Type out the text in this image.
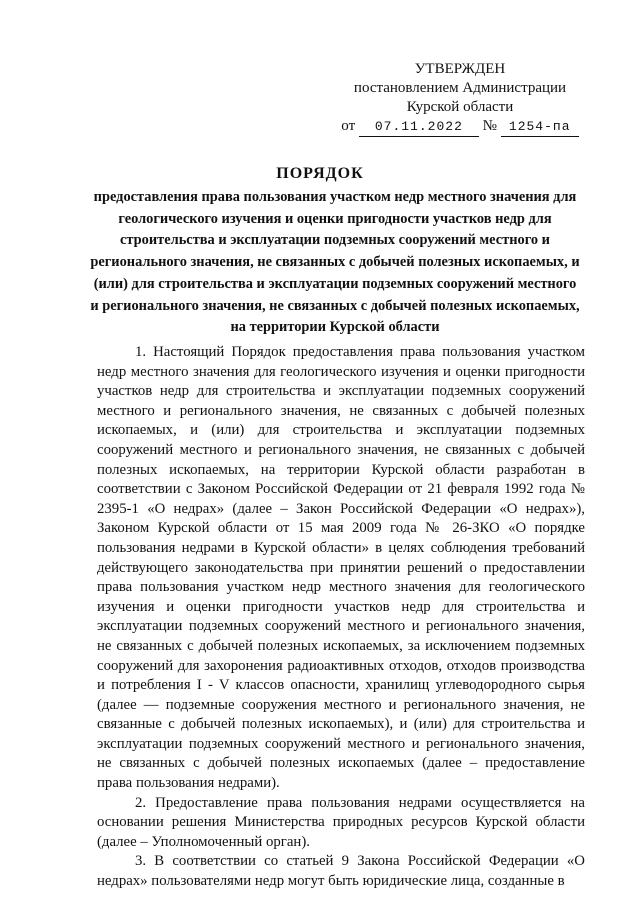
УТВЕРЖДЕН
постановлением Администрации
Курской области
от 07.11.2022 № 1254-па
ПОРЯДОК
предоставления права пользования участком недр местного значения для геологического изучения и оценки пригодности участков недр для строительства и эксплуатации подземных сооружений местного и регионального значения, не связанных с добычей полезных ископаемых, и (или) для строительства и эксплуатации подземных сооружений местного и регионального значения, не связанных с добычей полезных ископаемых, на территории Курской области

1. Настоящий Порядок предоставления права пользования участком недр местного значения для геологического изучения и оценки пригодности участков недр для строительства и эксплуатации подземных сооружений местного и регионального значения, не связанных с добычей полезных ископаемых, и (или) для строительства и эксплуатации подземных сооружений местного и регионального значения, не связанных с добычей полезных ископаемых, на территории Курской области разработан в соответствии с Законом Российской Федерации от 21 февраля 1992 года № 2395-1 «О недрах» (далее – Закон Российской Федерации «О недрах»), Законом Курской области от 15 мая 2009 года № 26-ЗКО «О порядке пользования недрами в Курской области» в целях соблюдения требований действующего законодательства при принятии решений о предоставлении права пользования участком недр местного значения для геологического изучения и оценки пригодности участков недр для строительства и эксплуатации подземных сооружений местного и регионального значения, не связанных с добычей полезных ископаемых, за исключением подземных сооружений для захоронения радиоактивных отходов, отходов производства и потребления I - V классов опасности, хранилищ углеводородного сырья (далее — подземные сооружения местного и регионального значения, не связанные с добычей полезных ископаемых), и (или) для строительства и эксплуатации подземных сооружений местного и регионального значения, не связанных с добычей полезных ископаемых (далее – предоставление права пользования недрами).

2. Предоставление права пользования недрами осуществляется на основании решения Министерства природных ресурсов Курской области (далее – Уполномоченный орган).

3. В соответствии со статьей 9 Закона Российской Федерации «О недрах» пользователями недр могут быть юридические лица, созданные в
